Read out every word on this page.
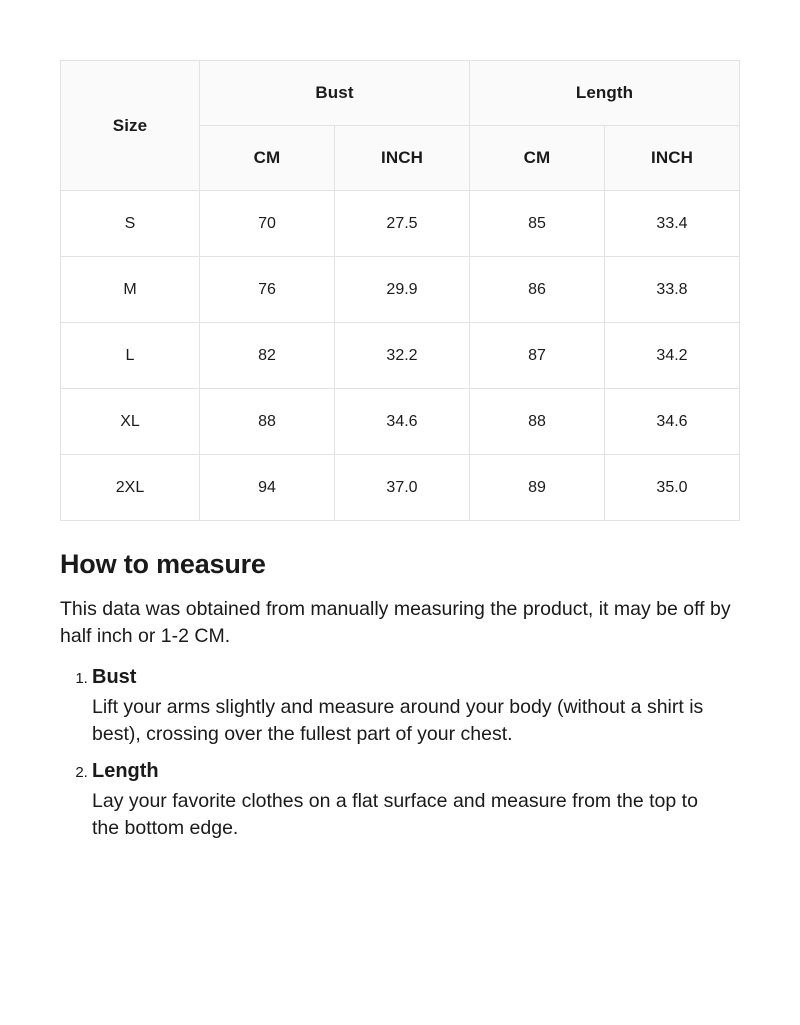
Size	Bust		Length	
	CM	INCH	CM	INCH
S	70	27.5	85	33.4
M	76	29.9	86	33.8
L	82	32.2	87	34.2
XL	88	34.6	88	34.6
2XL	94	37.0	89	35.0
How to measure

This data was obtained from manually measuring the product, it may be off by half inch or 1-2 CM.

1. Bust
Lift your arms slightly and measure around your body (without a shirt is best), crossing over the fullest part of your chest.
2. Length
Lay your favorite clothes on a flat surface and measure from the top to the bottom edge.
